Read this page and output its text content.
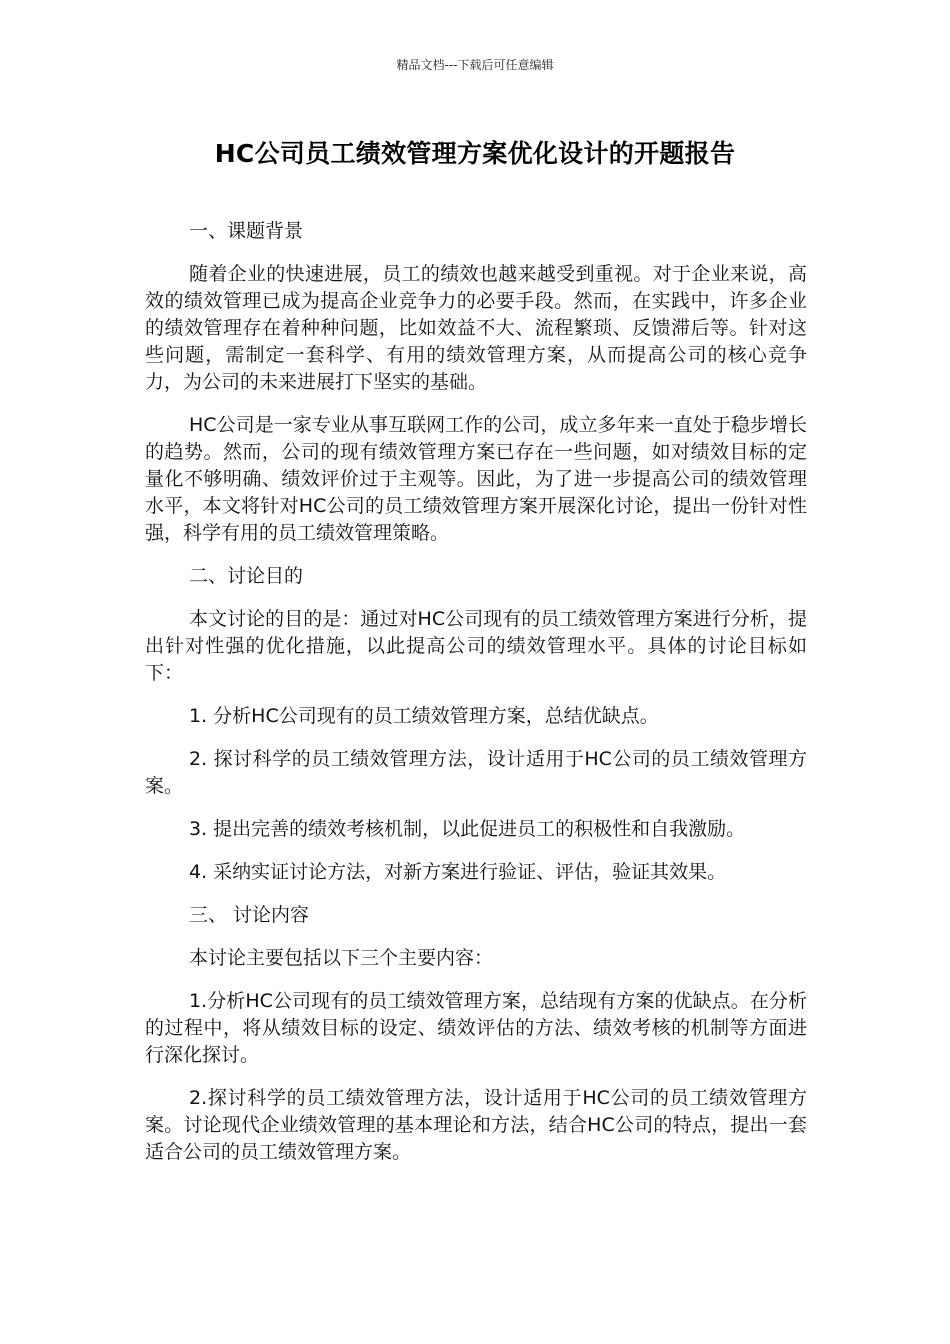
精品文档---下载后可任意编辑
HC公司员工绩效管理方案优化设计的开题报告

一、课题背景

随着企业的快速进展，员工的绩效也越来越受到重视。对于企业来说，高效的绩效管理已成为提高企业竞争力的必要手段。然而，在实践中，许多企业的绩效管理存在着种种问题，比如效益不大、流程繁琐、反馈滞后等。针对这些问题，需制定一套科学、有用的绩效管理方案，从而提高公司的核心竞争力，为公司的未来进展打下坚实的基础。

HC公司是一家专业从事互联网工作的公司，成立多年来一直处于稳步增长的趋势。然而，公司的现有绩效管理方案已存在一些问题，如对绩效目标的定量化不够明确、绩效评价过于主观等。因此，为了进一步提高公司的绩效管理水平，本文将针对HC公司的员工绩效管理方案开展深化讨论，提出一份针对性强，科学有用的员工绩效管理策略。

二、讨论目的

本文讨论的目的是：通过对HC公司现有的员工绩效管理方案进行分析，提出针对性强的优化措施，以此提高公司的绩效管理水平。具体的讨论目标如下：

1. 分析HC公司现有的员工绩效管理方案，总结优缺点。

2. 探讨科学的员工绩效管理方法，设计适用于HC公司的员工绩效管理方案。

3. 提出完善的绩效考核机制，以此促进员工的积极性和自我激励。

4. 采纳实证讨论方法，对新方案进行验证、评估，验证其效果。

三、 讨论内容

本讨论主要包括以下三个主要内容：

1.分析HC公司现有的员工绩效管理方案，总结现有方案的优缺点。在分析的过程中，将从绩效目标的设定、绩效评估的方法、绩效考核的机制等方面进行深化探讨。

2.探讨科学的员工绩效管理方法，设计适用于HC公司的员工绩效管理方案。讨论现代企业绩效管理的基本理论和方法，结合HC公司的特点，提出一套适合公司的员工绩效管理方案。
